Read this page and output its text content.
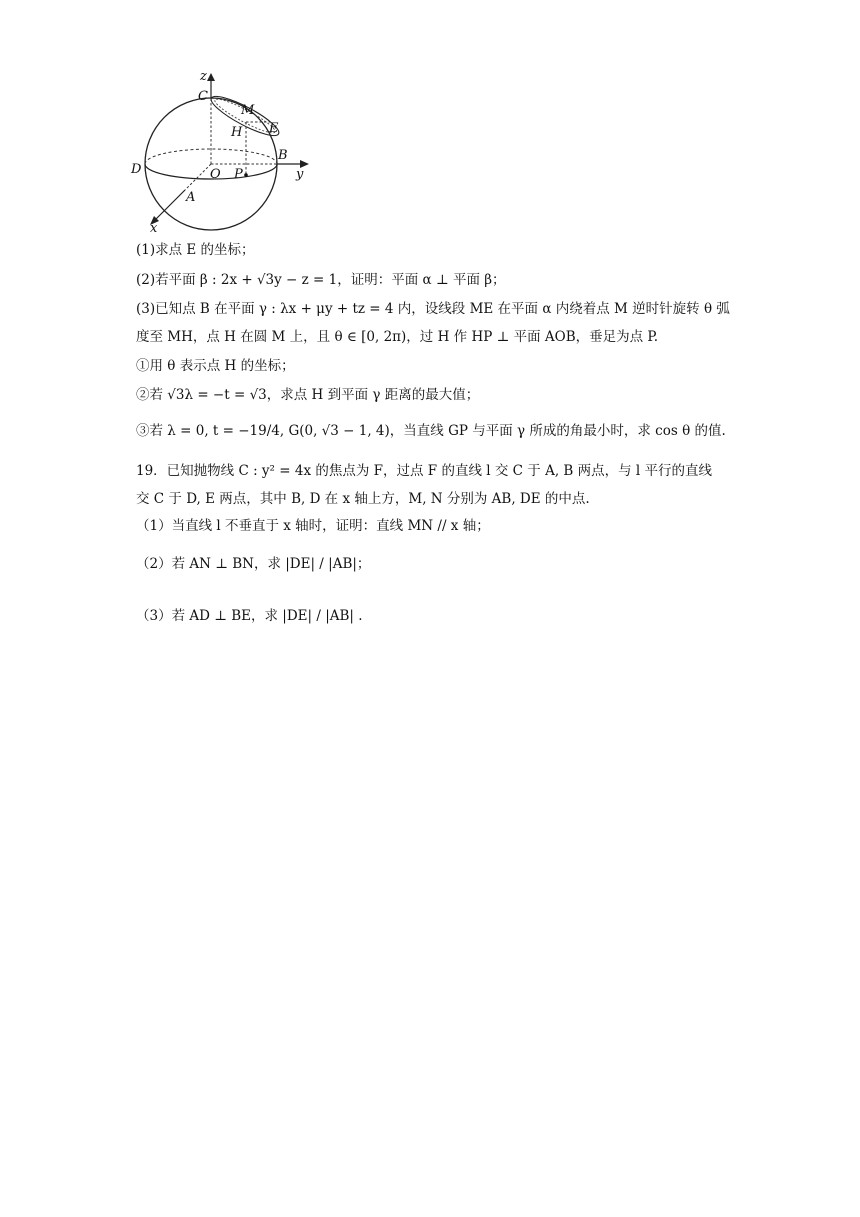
z
C
M
H E
D	O P
B
y
A
x
(1)求点 E 的坐标；
(2)若平面 β : 2x + √3y − z = 1，证明：平面 α ⊥ 平面 β；
(3)已知点 B 在平面 γ : λx + μy + tz = 4 内，设线段 ME 在平面 α 内绕着点 M 逆时针旋转 θ 弧
度至 MH，点 H 在圆 M 上，且 θ ∈ [0, 2π)，过 H 作 HP ⊥ 平面 AOB，垂足为点 P.
①用 θ 表示点 H 的坐标；
②若 √3λ = −t = √3，求点 H 到平面 γ 距离的最大值；
③若 λ = 0, t = −19/4, G(0, √3 − 1, 4)，当直线 GP 与平面 γ 所成的角最小时，求 cos θ 的值.
19．已知抛物线 C : y² = 4x 的焦点为 F，过点 F 的直线 l 交 C 于 A, B 两点，与 l 平行的直线
交 C 于 D, E 两点，其中 B, D 在 x 轴上方，M, N 分别为 AB, DE 的中点.
（1）当直线 l 不垂直于 x 轴时，证明：直线 MN // x 轴；
（2）若 AN ⊥ BN，求 |DE| / |AB|；
（3）若 AD ⊥ BE，求 |DE| / |AB| .
